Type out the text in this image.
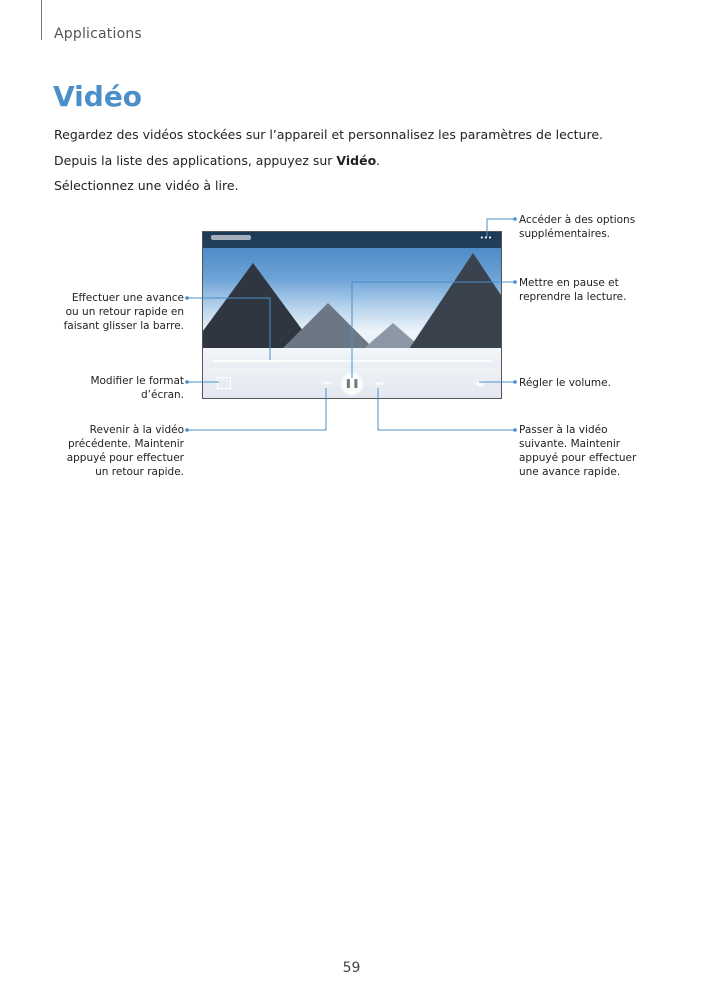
Applications
Vidéo
Regardez des vidéos stockées sur l’appareil et personnalisez les paramètres de lecture.
Depuis la liste des applications, appuyez sur Vidéo.
Sélectionnez une vidéo à lire.
•••
⏮	❚❚	⏭	◀)
Accéder à des options
supplémentaires.
Mettre en pause et
reprendre la lecture.
Effectuer une avance
ou un retour rapide en
faisant glisser la barre.
Modifier le format
d’écran.
Régler le volume.
Revenir à la vidéo
précédente. Maintenir
appuyé pour effectuer
un retour rapide.
Passer à la vidéo
suivante. Maintenir
appuyé pour effectuer
une avance rapide.
59
